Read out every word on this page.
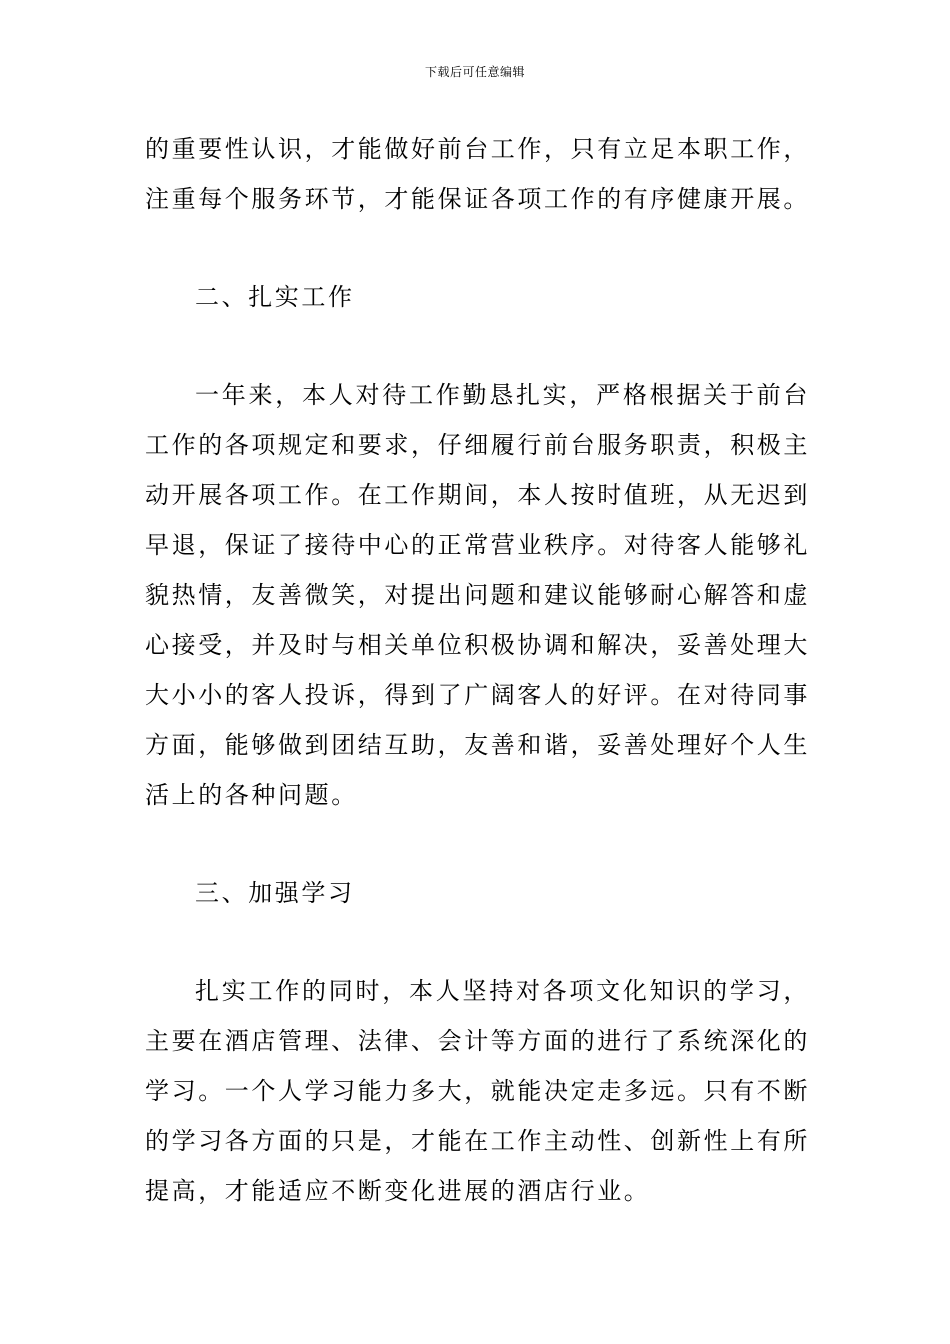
下载后可任意编辑

的重要性认识，才能做好前台工作，只有立足本职工作，注重每个服务环节，才能保证各项工作的有序健康开展。

二、扎实工作

一年来，本人对待工作勤恳扎实，严格根据关于前台工作的各项规定和要求，仔细履行前台服务职责，积极主动开展各项工作。在工作期间，本人按时值班，从无迟到早退，保证了接待中心的正常营业秩序。对待客人能够礼貌热情，友善微笑，对提出问题和建议能够耐心解答和虚心接受，并及时与相关单位积极协调和解决，妥善处理大大小小的客人投诉，得到了广阔客人的好评。在对待同事方面，能够做到团结互助，友善和谐，妥善处理好个人生活上的各种问题。

三、加强学习

扎实工作的同时，本人坚持对各项文化知识的学习，主要在酒店管理、法律、会计等方面的进行了系统深化的学习。一个人学习能力多大，就能决定走多远。只有不断的学习各方面的只是，才能在工作主动性、创新性上有所提高，才能适应不断变化进展的酒店行业。
